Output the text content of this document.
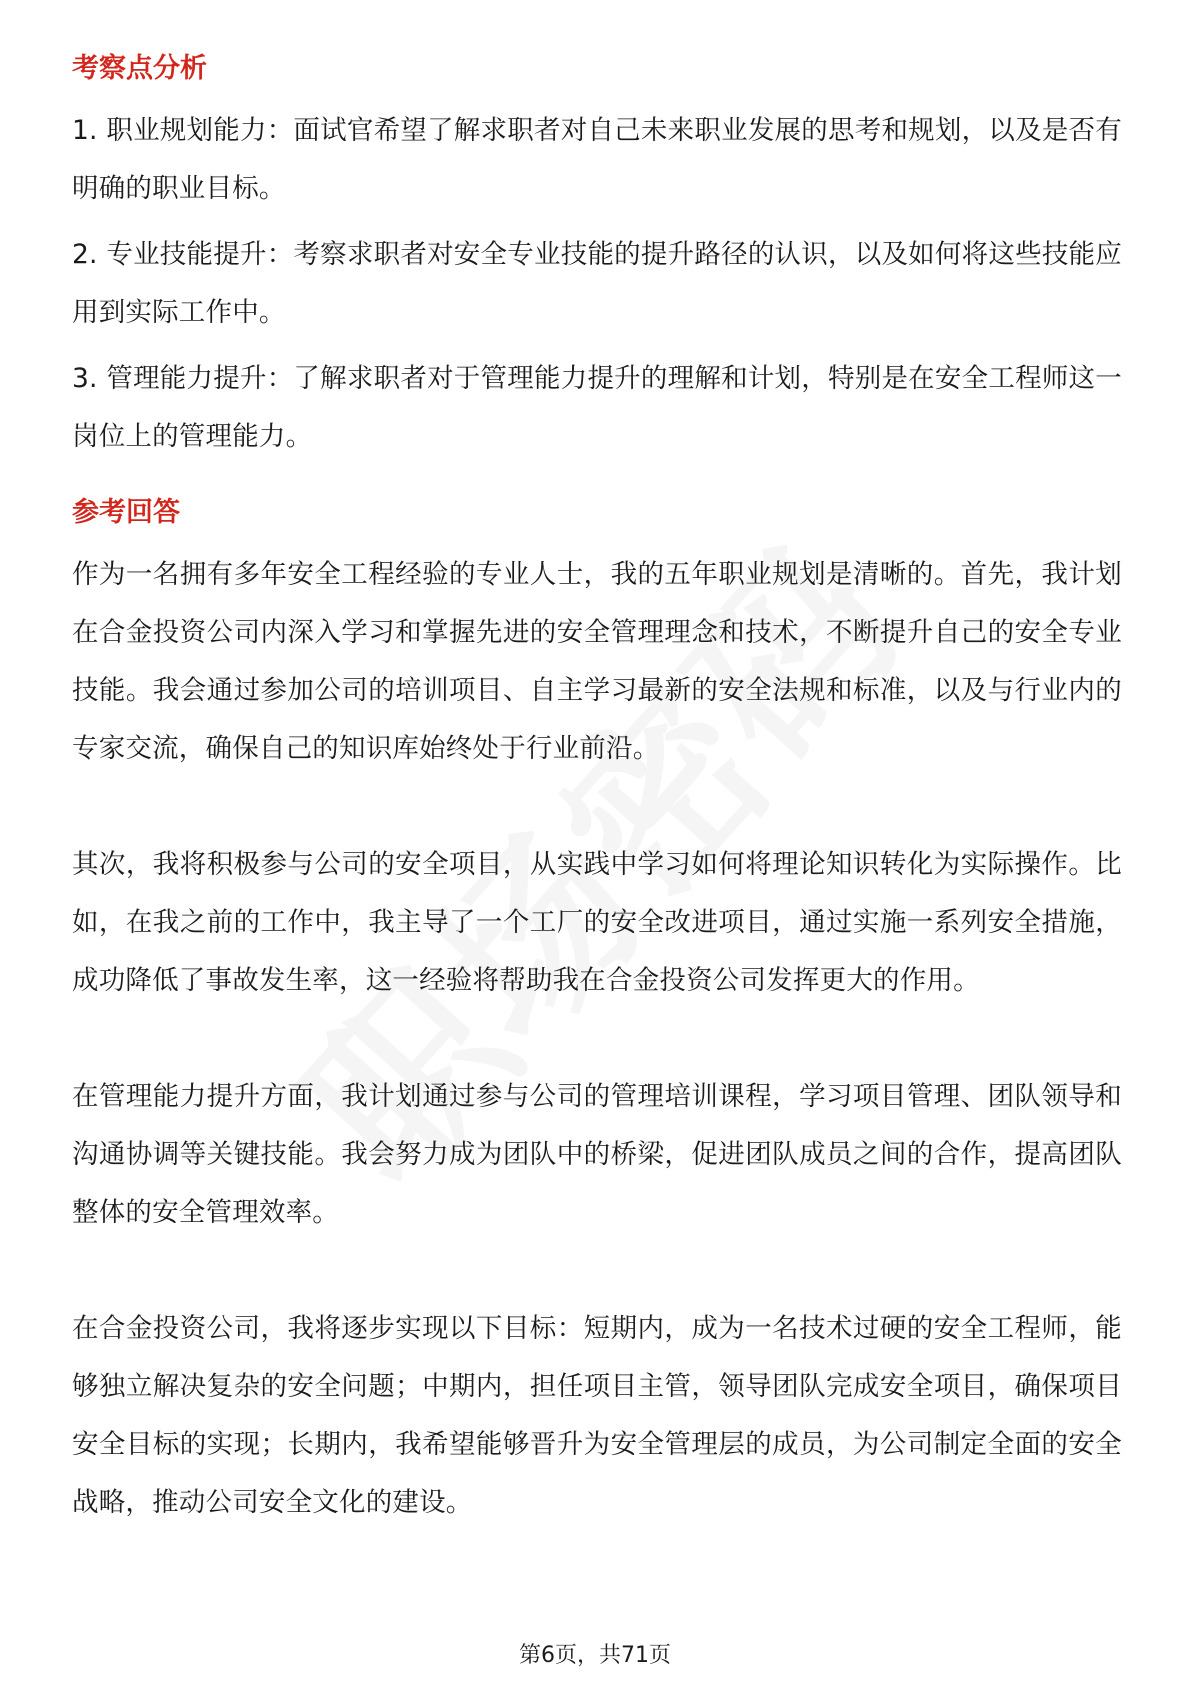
考察点分析

1. 职业规划能力：面试官希望了解求职者对自己未来职业发展的思考和规划，以及是否有明确的职业目标。

2. 专业技能提升：考察求职者对安全专业技能的提升路径的认识，以及如何将这些技能应用到实际工作中。

3. 管理能力提升：了解求职者对于管理能力提升的理解和计划，特别是在安全工程师这一岗位上的管理能力。

参考回答

作为一名拥有多年安全工程经验的专业人士，我的五年职业规划是清晰的。首先，我计划在合金投资公司内深入学习和掌握先进的安全管理理念和技术，不断提升自己的安全专业技能。我会通过参加公司的培训项目、自主学习最新的安全法规和标准，以及与行业内的专家交流，确保自己的知识库始终处于行业前沿。

其次，我将积极参与公司的安全项目，从实践中学习如何将理论知识转化为实际操作。比如，在我之前的工作中，我主导了一个工厂的安全改进项目，通过实施一系列安全措施，成功降低了事故发生率，这一经验将帮助我在合金投资公司发挥更大的作用。

在管理能力提升方面，我计划通过参与公司的管理培训课程，学习项目管理、团队领导和沟通协调等关键技能。我会努力成为团队中的桥梁，促进团队成员之间的合作，提高团队整体的安全管理效率。

在合金投资公司，我将逐步实现以下目标：短期内，成为一名技术过硬的安全工程师，能够独立解决复杂的安全问题；中期内，担任项目主管，领导团队完成安全项目，确保项目安全目标的实现；长期内，我希望能够晋升为安全管理层的成员，为公司制定全面的安全战略，推动公司安全文化的建设。

第6页，共71页
